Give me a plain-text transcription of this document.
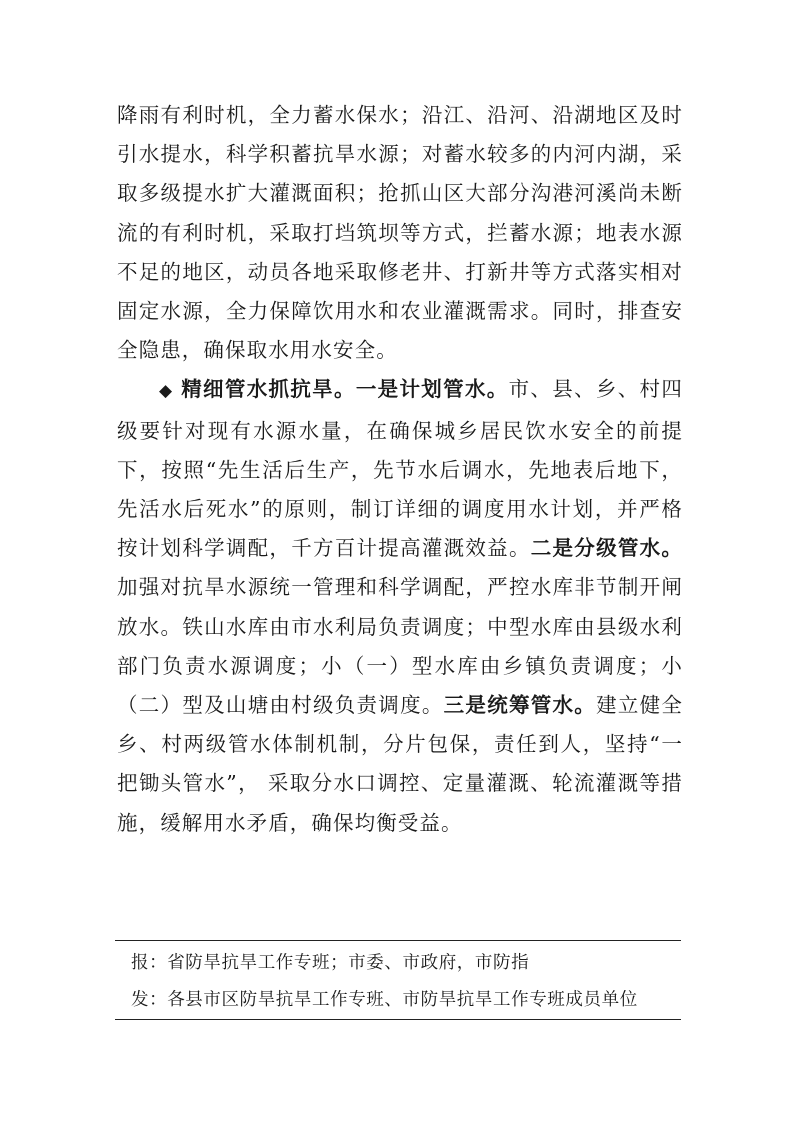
降雨有利时机，全力蓄水保水；沿江、沿河、沿湖地区及时引水提水，科学积蓄抗旱水源；对蓄水较多的内河内湖，采取多级提水扩大灌溉面积；抢抓山区大部分沟港河溪尚未断流的有利时机，采取打垱筑坝等方式，拦蓄水源；地表水源不足的地区，动员各地采取修老井、打新井等方式落实相对固定水源，全力保障饮用水和农业灌溉需求。同时，排查安全隐患，确保取水用水安全。

◆ 精细管水抓抗旱。一是计划管水。市、县、乡、村四级要针对现有水源水量，在确保城乡居民饮水安全的前提下，按照“先生活后生产，先节水后调水，先地表后地下，先活水后死水”的原则，制订详细的调度用水计划，并严格按计划科学调配，千方百计提高灌溉效益。二是分级管水。加强对抗旱水源统一管理和科学调配，严控水库非节制开闸放水。铁山水库由市水利局负责调度；中型水库由县级水利部门负责水源调度；小（一）型水库由乡镇负责调度；小（二）型及山塘由村级负责调度。三是统筹管水。建立健全乡、村两级管水体制机制，分片包保，责任到人，坚持“一把锄头管水”， 采取分水口调控、定量灌溉、轮流灌溉等措施，缓解用水矛盾，确保均衡受益。

报：省防旱抗旱工作专班；市委、市政府，市防指
发：各县市区防旱抗旱工作专班、市防旱抗旱工作专班成员单位
